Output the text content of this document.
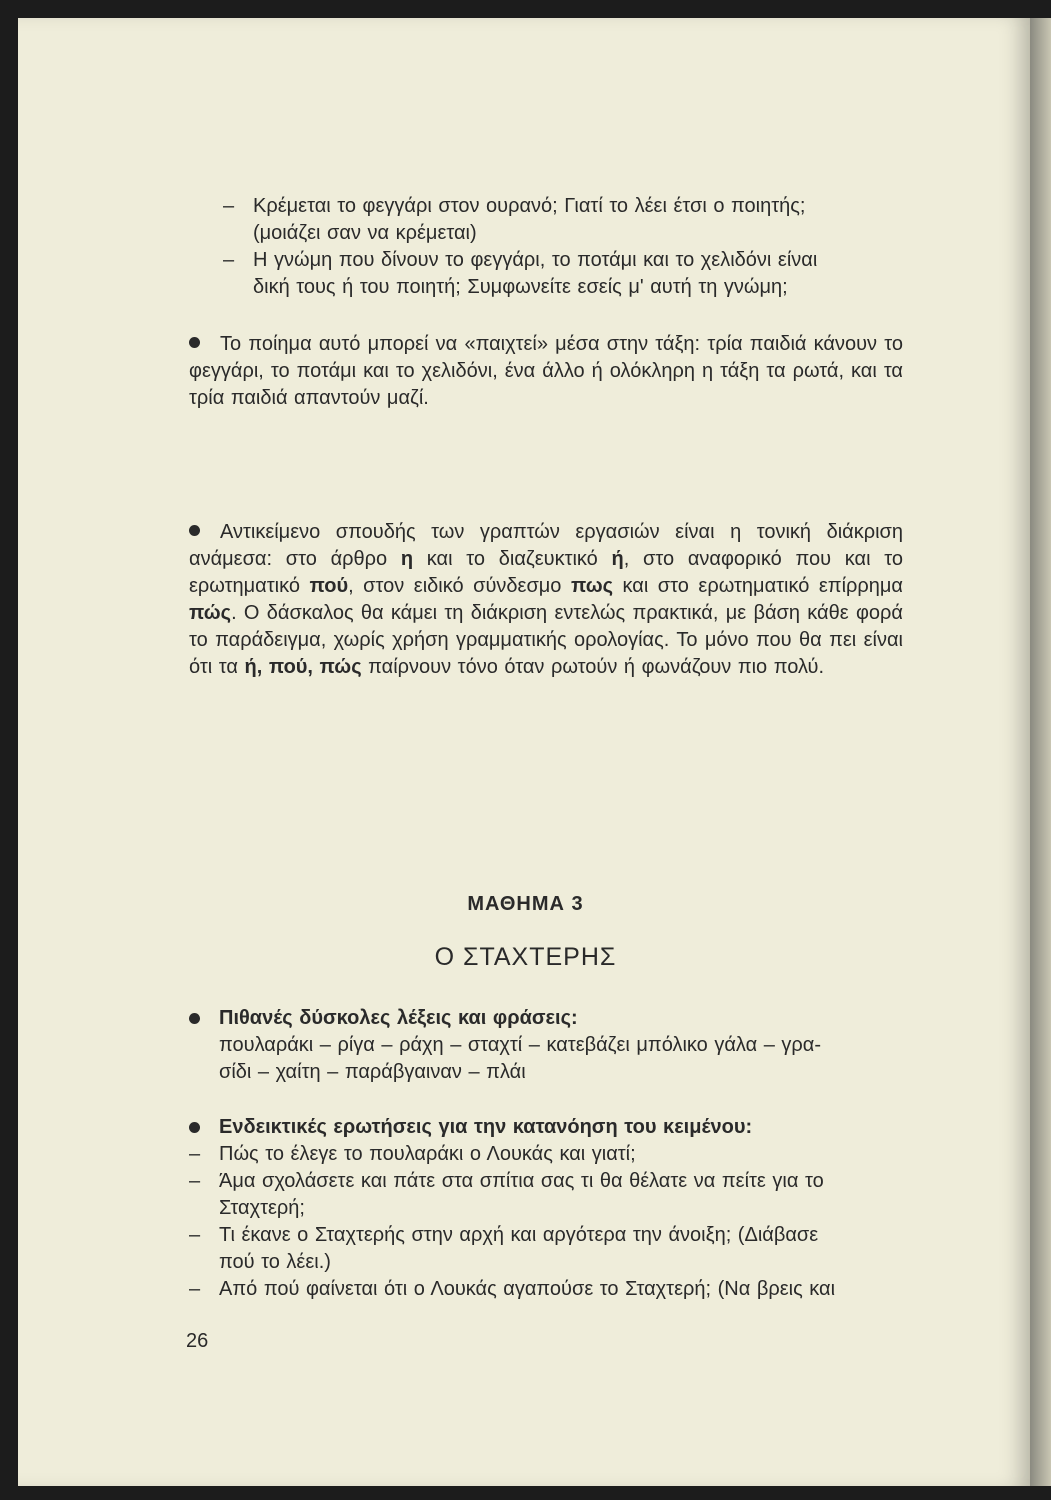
– Κρέμεται το φεγγάρι στον ουρανό; Γιατί το λέει έτσι ο ποιητής;
(μοιάζει σαν να κρέμεται)
– Η γνώμη που δίνουν το φεγγάρι, το ποτάμι και το χελιδόνι είναι
δική τους ή του ποιητή; Συμφωνείτε εσείς μ' αυτή τη γνώμη;
Το ποίημα αυτό μπορεί να «παιχτεί» μέσα στην τάξη: τρία παιδιά κάνουν το φεγγάρι, το ποτάμι και το χελιδόνι, ένα άλλο ή ολόκληρη η τάξη τα ρωτά, και τα τρία παιδιά απαντούν μαζί.
Αντικείμενο σπουδής των γραπτών εργασιών είναι η τονική διάκριση ανάμεσα: στο άρθρο η και το διαζευκτικό ή, στο αναφορικό που και το ερωτηματικό πού, στον ειδικό σύνδεσμο πως και στο ερωτηματικό επίρρημα πώς. Ο δάσκαλος θα κάμει τη διάκριση εντελώς πρακτικά, με βάση κάθε φορά το παράδειγμα, χωρίς χρήση γραμματικής ορολογίας. Το μόνο που θα πει είναι ότι τα ή, πού, πώς παίρνουν τόνο όταν ρωτούν ή φωνάζουν πιο πολύ.
ΜΑΘΗΜΑ 3
Ο ΣΤΑΧΤΕΡΗΣ
Πιθανές δύσκολες λέξεις και φράσεις:
πουλαράκι – ρίγα – ράχη – σταχτί – κατεβάζει μπόλικο γάλα – γρα-
σίδι – χαίτη – παράβγαιναν – πλάι
Ενδεικτικές ερωτήσεις για την κατανόηση του κειμένου:
– Πώς το έλεγε το πουλαράκι ο Λουκάς και γιατί;
– Άμα σχολάσετε και πάτε στα σπίτια σας τι θα θέλατε να πείτε για το
Σταχτερή;
– Τι έκανε ο Σταχτερής στην αρχή και αργότερα την άνοιξη; (Διάβασε
πού το λέει.)
– Από πού φαίνεται ότι ο Λουκάς αγαπούσε το Σταχτερή; (Να βρεις και
26
